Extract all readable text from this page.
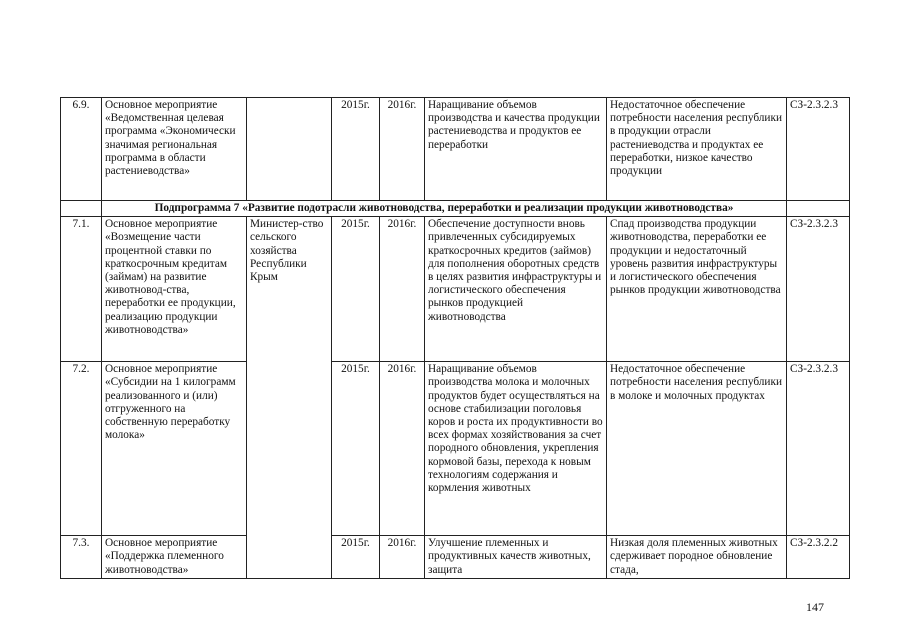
6.9.	Основное мероприятие «Ведомственная целевая программа «Экономически значимая региональная программа в области растениеводства»		2015г.	2016г.	Наращивание объемов производства и качества продукции растениеводства и продуктов ее переработки	Недостаточное обеспечение потребности населения республики в продукции отрасли растениеводства и продуктах ее переработки, низкое качество продукции	СЗ-2.3.2.3
	Подпрограмма 7 «Развитие подотрасли животноводства, переработки и реализации продукции животноводства»						
7.1.	Основное мероприятие «Возмещение части процентной ставки по краткосрочным кредитам (займам) на развитие животновод-ства, переработки ее продукции, реализацию продукции животноводства»	Министер-ство сельского хозяйства Республики Крым	2015г.	2016г.	Обеспечение доступности вновь привлеченных субсидируемых краткосрочных кредитов (займов) для пополнения оборотных средств в целях развития инфраструктуры и логистического обеспечения рынков продукцией животноводства	Спад производства продукции животноводства, переработки ее продукции и недостаточный уровень развития инфраструктуры и логистического обеспечения рынков продукции животноводства	СЗ-2.3.2.3
7.2.	Основное мероприятие «Субсидии на 1 килограмм реализованного и (или) отгруженного на собственную переработку молока»		2015г.	2016г.	Наращивание объемов производства молока и молочных продуктов будет осуществляться на основе стабилизации поголовья коров и роста их продуктивности во всех формах хозяйствования за счет породного обновления, укрепления кормовой базы, перехода к новым технологиям содержания и кормления животных	Недостаточное обеспечение потребности населения республики в молоке и молочных продуктах	СЗ-2.3.2.3
7.3.	Основное мероприятие «Поддержка племенного животноводства»		2015г.	2016г.	Улучшение племенных и продуктивных качеств животных, защита	Низкая доля племенных животных сдерживает породное обновление стада,	СЗ-2.3.2.2
147
